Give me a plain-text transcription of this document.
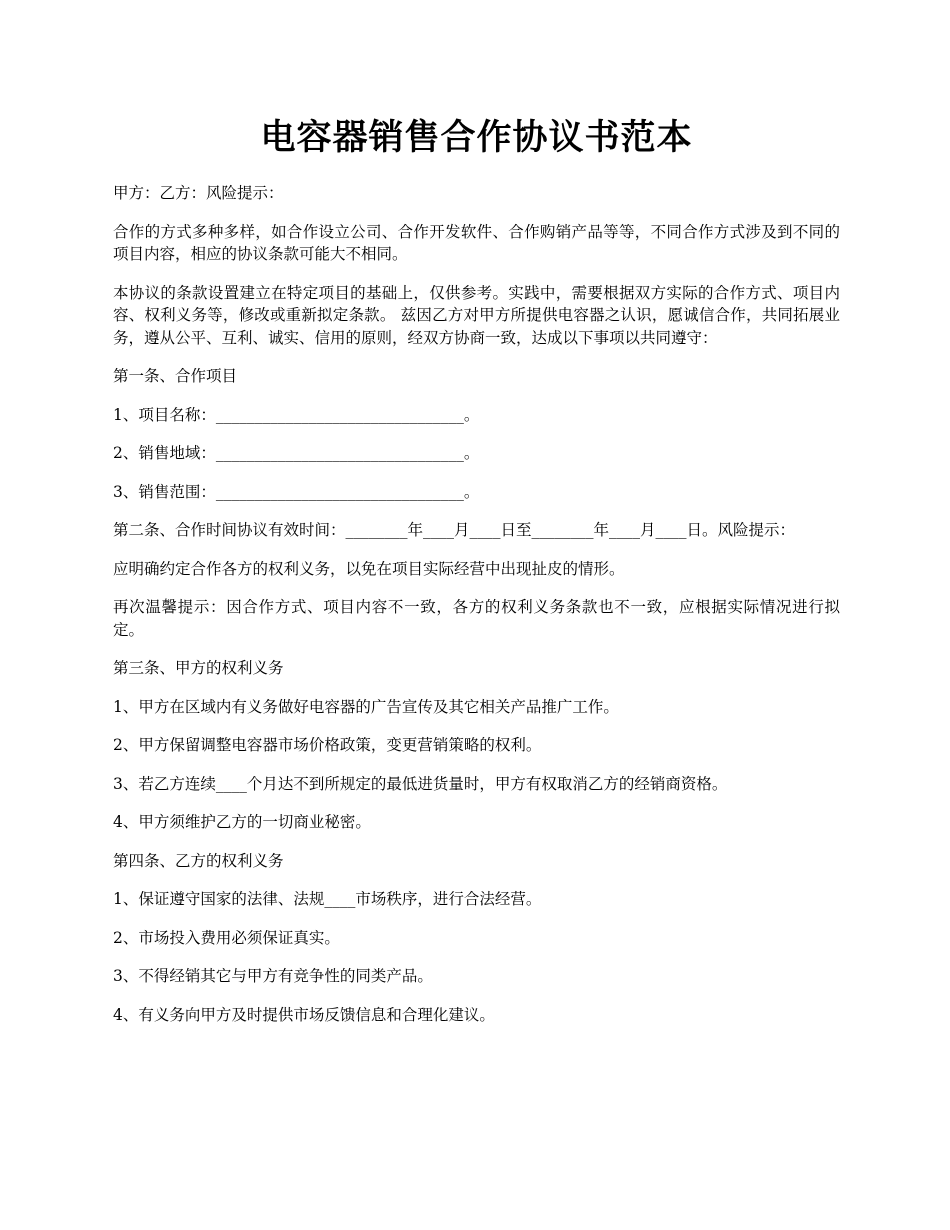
电容器销售合作协议书范本

甲方：乙方：风险提示：

合作的方式多种多样，如合作设立公司、合作开发软件、合作购销产品等等，不同合作方式涉及到不同的项目内容，相应的协议条款可能大不相同。

本协议的条款设置建立在特定项目的基础上，仅供参考。实践中，需要根据双方实际的合作方式、项目内容、权利义务等，修改或重新拟定条款。 兹因乙方对甲方所提供电容器之认识，愿诚信合作，共同拓展业务，遵从公平、互利、诚实、信用的原则，经双方协商一致，达成以下事项以共同遵守：

第一条、合作项目

1、项目名称：________________________________。

2、销售地域：________________________________。

3、销售范围：________________________________。

第二条、合作时间协议有效时间：________年____月____日至________年____月____日。风险提示：

应明确约定合作各方的权利义务，以免在项目实际经营中出现扯皮的情形。

再次温馨提示：因合作方式、项目内容不一致，各方的权利义务条款也不一致，应根据实际情况进行拟定。

第三条、甲方的权利义务

1、甲方在区域内有义务做好电容器的广告宣传及其它相关产品推广工作。

2、甲方保留调整电容器市场价格政策，变更营销策略的权利。

3、若乙方连续____个月达不到所规定的最低进货量时，甲方有权取消乙方的经销商资格。

4、甲方须维护乙方的一切商业秘密。

第四条、乙方的权利义务

1、保证遵守国家的法律、法规____市场秩序，进行合法经营。

2、市场投入费用必须保证真实。

3、不得经销其它与甲方有竞争性的同类产品。

4、有义务向甲方及时提供市场反馈信息和合理化建议。
